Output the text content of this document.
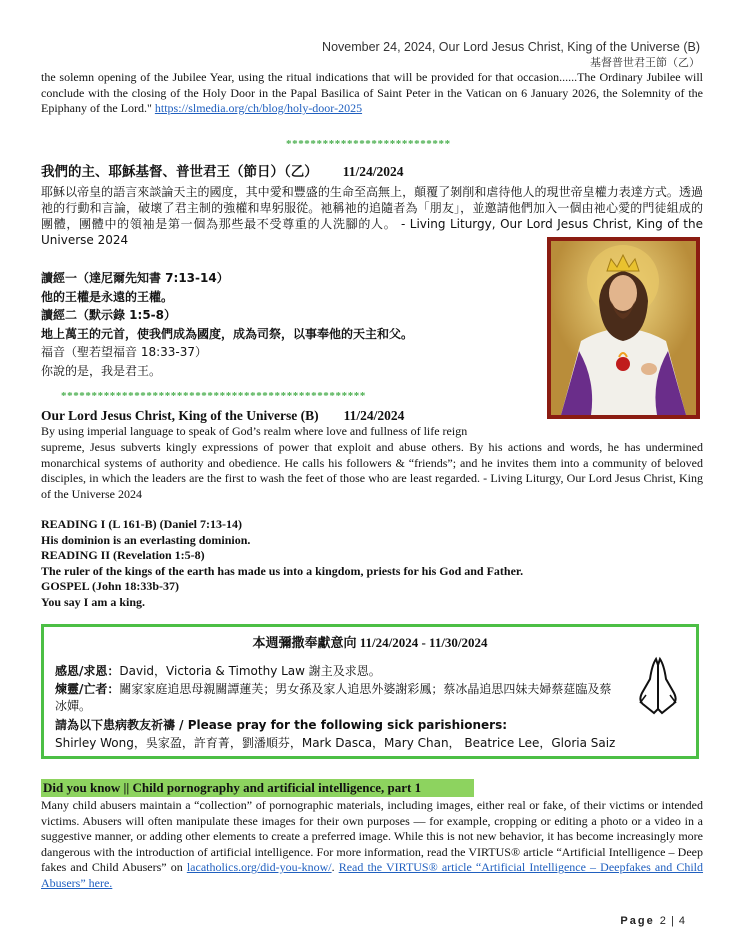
November 24, 2024, Our Lord Jesus Christ, King of the Universe (B)
基督普世君王節（乙）
the solemn opening of the Jubilee Year, using the ritual indications that will be provided for that occasion......The Ordinary Jubilee will conclude with the closing of the Holy Door in the Papal Basilica of Saint Peter in the Vatican on 6 January 2026, the Solemnity of the Epiphany of the Lord." https://slmedia.org/ch/blog/holy-door-2025
***************************
我們的主、耶穌基督、普世君王（節日）（乙） 11/24/2024
耶穌以帝皇的語言來談論天主的國度，其中愛和豐盛的生命至高無上，顛覆了剝削和虐待他人的現世帝皇權力表達方式。透過祂的行動和言論，破壞了君主制的強權和卑躬服從。祂稱祂的追隨者為「朋友」，並邀請他們加入一個由祂心愛的門徒組成的團體，團體中的領袖是第一個為那些最不受尊重的人洗腳的人。 - Living Liturgy, Our Lord Jesus Christ, King of the Universe 2024
讀經一（達尼爾先知書 7:13-14）
他的王權是永遠的王權。
讀經二（默示錄 1:5-8）
地上萬王的元首，使我們成為國度，成為司祭，以事奉他的天主和父。
福音（聖若望福音 18:33-37）
你說的是，我是君王。
**************************************************
Our Lord Jesus Christ, King of the Universe (B) 11/24/2024
By using imperial language to speak of God’s realm where love and fullness of life reign
supreme, Jesus subverts kingly expressions of power that exploit and abuse others. By his actions and words, he has undermined monarchical systems of authority and obedience. He calls his followers & “friends”; and he invites them into a community of beloved disciples, in which the leaders are the first to wash the feet of those who are least regarded. - Living Liturgy, Our Lord Jesus Christ, King of the Universe 2024
READING I (L 161-B) (Daniel 7:13-14)
His dominion is an everlasting dominion.
READING II (Revelation 1:5-8)
The ruler of the kings of the earth has made us into a kingdom, priests for his God and Father.
GOSPEL (John 18:33b-37)
You say I am a king.
本週彌撒奉獻意向 11/24/2024 - 11/30/2024
感恩/求恩：David，Victoria & Timothy Law 謝主及求恩。
煉靈/亡者：關家家庭追思母親關譚蓮芙；男女孫及家人追思外婆謝彩鳳；蔡冰晶追思四妹夫婦蔡莚臨及蔡冰嬋。
請為以下患病教友祈禱 / Please pray for the following sick parishioners:
Shirley Wong，吳家盈，許育菁，劉潘順芬，Mark Dasca，Mary Chan， Beatrice Lee，Gloria Saiz
Did you know || Child pornography and artificial intelligence, part 1
Many child abusers maintain a “collection” of pornographic materials, including images, either real or fake, of their victims or intended victims. Abusers will often manipulate these images for their own purposes — for example, cropping or editing a photo or a video in a suggestive manner, or adding other elements to create a preferred image. While this is not new behavior, it has become increasingly more dangerous with the introduction of artificial intelligence. For more information, read the VIRTUS® article “Artificial Intelligence – Deep fakes and Child Abusers” on lacatholics.org/did-you-know/. Read the VIRTUS® article “Artificial Intelligence – Deepfakes and Child Abusers” here.
Page 2 | 4
